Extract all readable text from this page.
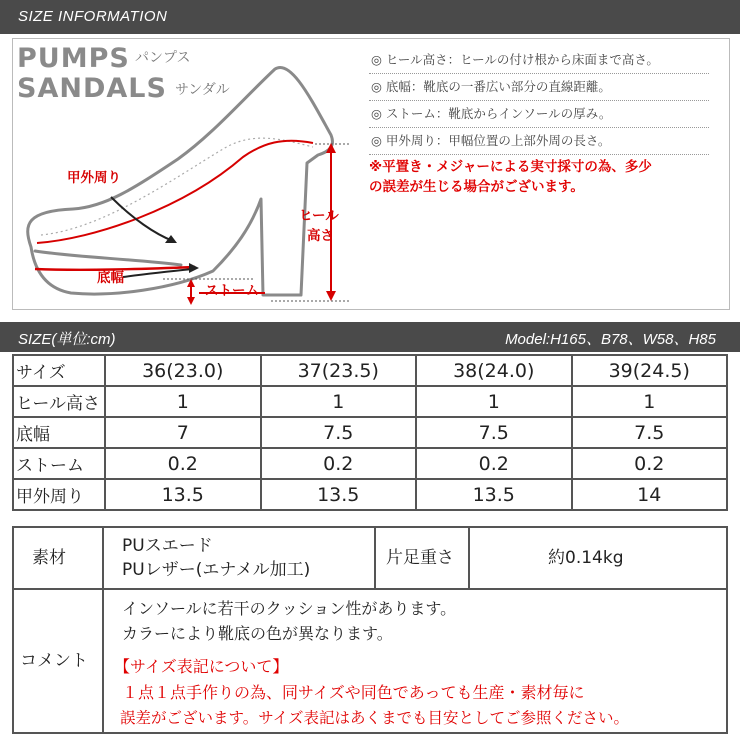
SIZE INFORMATION
PUMPS パンプス
SANDALS サンダル
甲外周り
底幅
ストーム
ヒール
高さ
◎ ヒール高さ：ヒールの付け根から床面まで高さ。
◎ 底幅：靴底の一番広い部分の直線距離。
◎ ストーム：靴底からインソールの厚み。
◎ 甲外周り：甲幅位置の上部外周の長さ。
※平置き・メジャーによる実寸採寸の為、多少
の誤差が生じる場合がございます。
SIZE(単位:cm)	Model:H165、B78、W58、H85
サイズ	36(23.0)	37(23.5)	38(24.0)	39(24.5)
ヒール高さ	1	1	1	1
底幅	7	7.5	7.5	7.5
ストーム	0.2	0.2	0.2	0.2
甲外周り	13.5	13.5	13.5	14
素材
PUスエード
PUレザー(エナメル加工)
片足重さ	約0.14kg
コメント
インソールに若干のクッション性があります。
カラーにより靴底の色が異なります。
【サイズ表記について】
１点１点手作りの為、同サイズや同色であっても生産・素材毎に
誤差がございます。サイズ表記はあくまでも目安としてご参照ください。
